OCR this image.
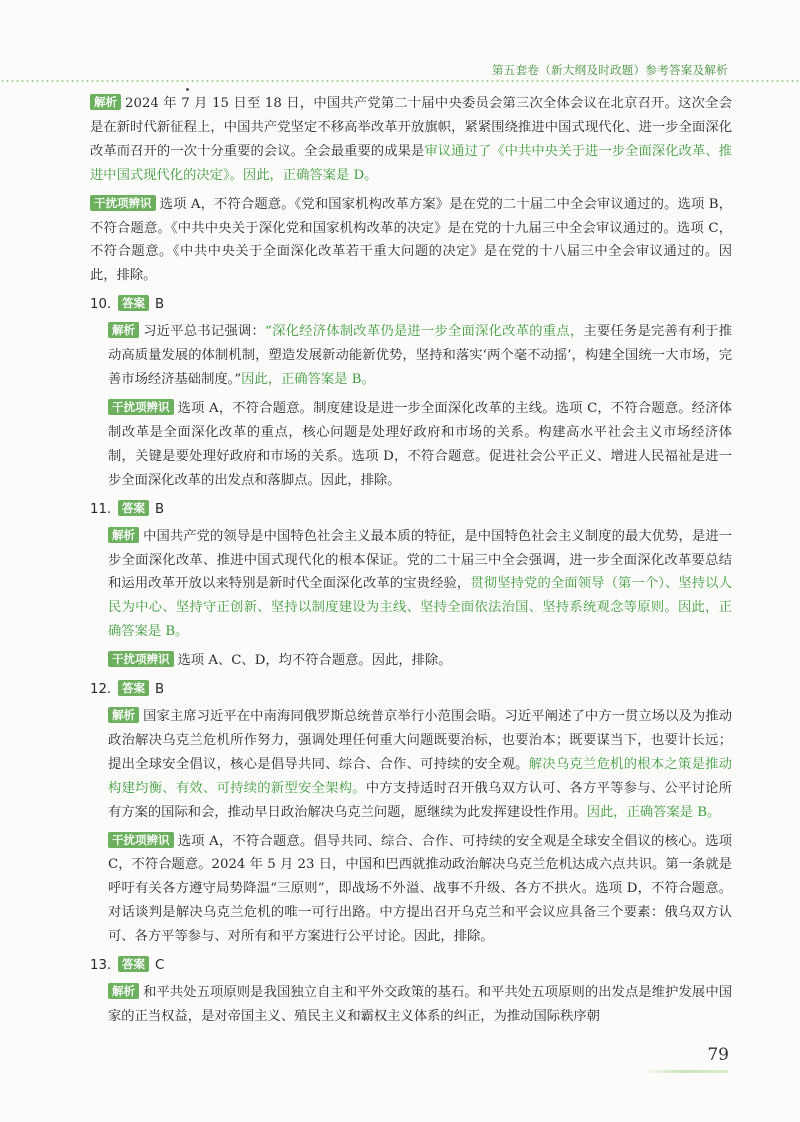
第五套卷（新大纲及时政题）参考答案及解析
解析 2024 年 7 月 15 日至 18 日，中国共产党第二十届中央委员会第三次全体会议在北京召开。这次全会是在新时代新征程上，中国共产党坚定不移高举改革开放旗帜，紧紧围绕推进中国式现代化、进一步全面深化改革而召开的一次十分重要的会议。全会最重要的成果是审议通过了《中共中央关于进一步全面深化改革、推进中国式现代化的决定》。因此，正确答案是 D。
干扰项辨识 选项 A，不符合题意。《党和国家机构改革方案》是在党的二十届二中全会审议通过的。选项 B，不符合题意。《中共中央关于深化党和国家机构改革的决定》是在党的十九届三中全会审议通过的。选项 C，不符合题意。《中共中央关于全面深化改革若干重大问题的决定》是在党的十八届三中全会审议通过的。因此，排除。
10. 答案 B
解析 习近平总书记强调：“深化经济体制改革仍是进一步全面深化改革的重点，主要任务是完善有利于推动高质量发展的体制机制，塑造发展新动能新优势，坚持和落实‘两个毫不动摇’，构建全国统一大市场，完善市场经济基础制度。”因此，正确答案是 B。
干扰项辨识 选项 A，不符合题意。制度建设是进一步全面深化改革的主线。选项 C，不符合题意。经济体制改革是全面深化改革的重点，核心问题是处理好政府和市场的关系。构建高水平社会主义市场经济体制，关键是要处理好政府和市场的关系。选项 D，不符合题意。促进社会公平正义、增进人民福祉是进一步全面深化改革的出发点和落脚点。因此，排除。
11. 答案 B
解析 中国共产党的领导是中国特色社会主义最本质的特征，是中国特色社会主义制度的最大优势，是进一步全面深化改革、推进中国式现代化的根本保证。党的二十届三中全会强调，进一步全面深化改革要总结和运用改革开放以来特别是新时代全面深化改革的宝贵经验，贯彻坚持党的全面领导（第一个）、坚持以人民为中心、坚持守正创新、坚持以制度建设为主线、坚持全面依法治国、坚持系统观念等原则。因此，正确答案是 B。
干扰项辨识 选项 A、C、D，均不符合题意。因此，排除。
12. 答案 B
解析 国家主席习近平在中南海同俄罗斯总统普京举行小范围会晤。习近平阐述了中方一贯立场以及为推动政治解决乌克兰危机所作努力，强调处理任何重大问题既要治标，也要治本；既要谋当下，也要计长远；提出全球安全倡议，核心是倡导共同、综合、合作、可持续的安全观。解决乌克兰危机的根本之策是推动构建均衡、有效、可持续的新型安全架构。中方支持适时召开俄乌双方认可、各方平等参与、公平讨论所有方案的国际和会，推动早日政治解决乌克兰问题，愿继续为此发挥建设性作用。因此，正确答案是 B。
干扰项辨识 选项 A，不符合题意。倡导共同、综合、合作、可持续的安全观是全球安全倡议的核心。选项 C，不符合题意。2024 年 5 月 23 日，中国和巴西就推动政治解决乌克兰危机达成六点共识。第一条就是呼吁有关各方遵守局势降温“三原则”，即战场不外溢、战事不升级、各方不拱火。选项 D，不符合题意。对话谈判是解决乌克兰危机的唯一可行出路。中方提出召开乌克兰和平会议应具备三个要素：俄乌双方认可、各方平等参与、对所有和平方案进行公平讨论。因此，排除。
13. 答案 C
解析 和平共处五项原则是我国独立自主和平外交政策的基石。和平共处五项原则的出发点是维护发展中国家的正当权益，是对帝国主义、殖民主义和霸权主义体系的纠正，为推动国际秩序朝
79
